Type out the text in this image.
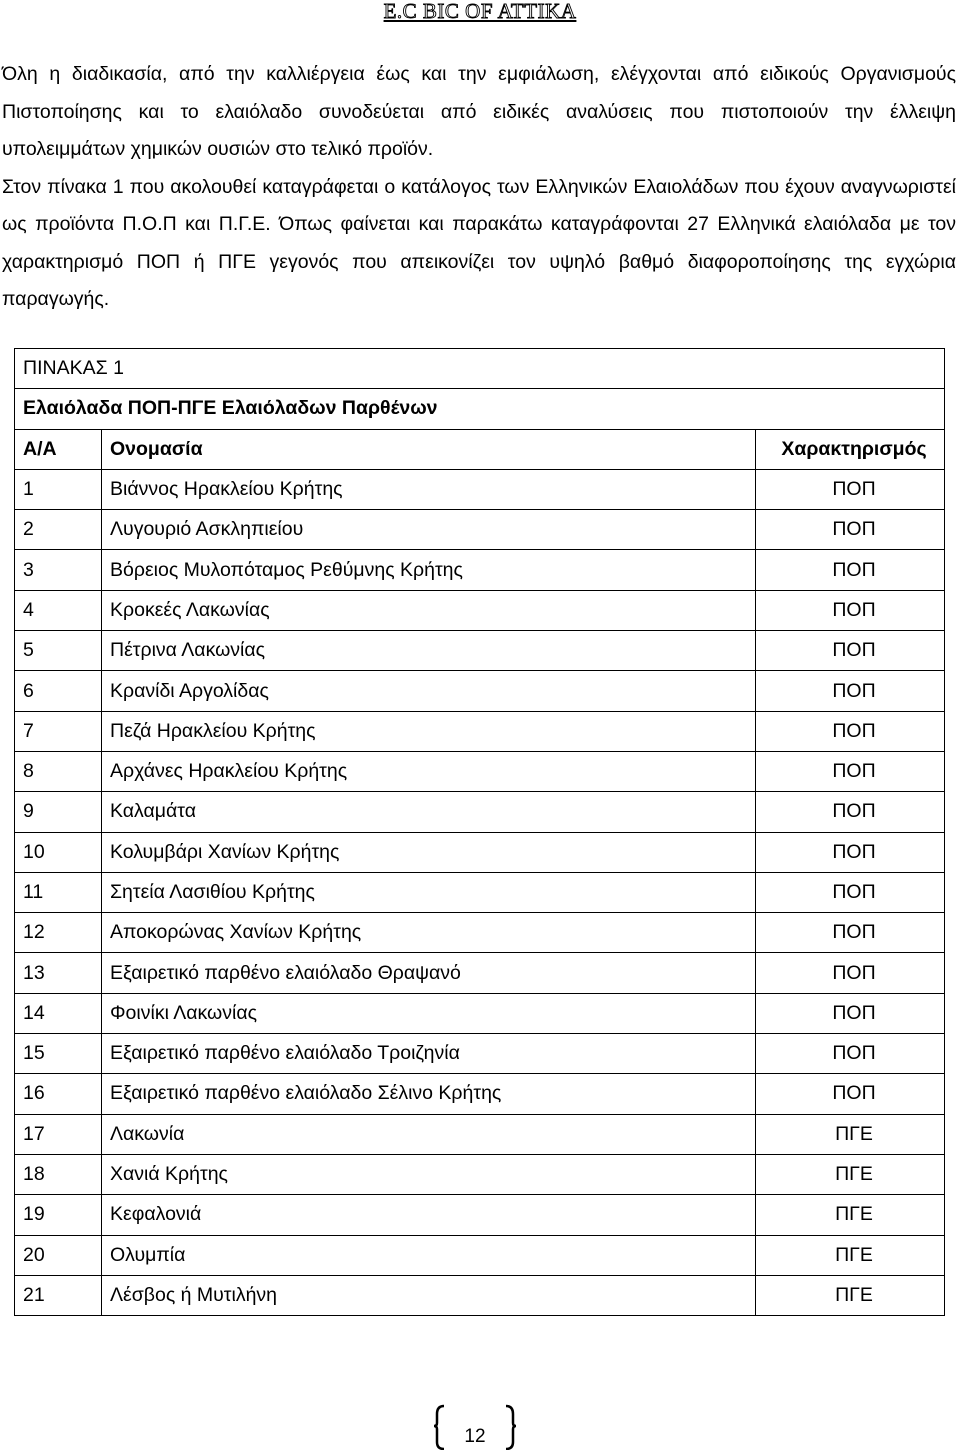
E.C BIC OF ATTIKA

Όλη η διαδικασία, από την καλλιέργεια έως και την εμφιάλωση, ελέγχονται από ειδικούς Οργανισμούς Πιστοποίησης και το ελαιόλαδο συνοδεύεται από ειδικές αναλύσεις που πιστοποιούν την έλλειψη υπολειμμάτων χημικών ουσιών στο τελικό προϊόν.

Στον πίνακα 1 που ακολουθεί καταγράφεται ο κατάλογος των Ελληνικών Ελαιολάδων που έχουν αναγνωριστεί ως προϊόντα Π.Ο.Π και Π.Γ.Ε. Όπως φαίνεται και παρακάτω καταγράφονται 27 Ελληνικά ελαιόλαδα με τον χαρακτηρισμό ΠΟΠ ή ΠΓΕ γεγονός που απεικονίζει τον υψηλό βαθμό διαφοροποίησης της εγχώρια παραγωγής.

ΠΙΝΑΚΑΣ 1		
Ελαιόλαδα ΠΟΠ-ΠΓΕ Ελαιόλαδων Παρθένων		
Α/Α	Ονομασία	Χαρακτηρισμός
1	Βιάννος Ηρακλείου Κρήτης	ΠΟΠ
2	Λυγουριό Ασκληπιείου	ΠΟΠ
3	Βόρειος Μυλοπόταμος Ρεθύμνης Κρήτης	ΠΟΠ
4	Κροκεές Λακωνίας	ΠΟΠ
5	Πέτρινα Λακωνίας	ΠΟΠ
6	Κρανίδι Αργολίδας	ΠΟΠ
7	Πεζά Ηρακλείου Κρήτης	ΠΟΠ
8	Αρχάνες Ηρακλείου Κρήτης	ΠΟΠ
9	Καλαμάτα	ΠΟΠ
10	Κολυμβάρι Χανίων Κρήτης	ΠΟΠ
11	Σητεία Λασιθίου Κρήτης	ΠΟΠ
12	Αποκορώνας Χανίων Κρήτης	ΠΟΠ
13	Εξαιρετικό παρθένο ελαιόλαδο Θραψανό	ΠΟΠ
14	Φοινίκι Λακωνίας	ΠΟΠ
15	Εξαιρετικό παρθένο ελαιόλαδο Τροιζηνία	ΠΟΠ
16	Εξαιρετικό παρθένο ελαιόλαδο Σέλινο Κρήτης	ΠΟΠ
17	Λακωνία	ΠΓΕ
18	Χανιά Κρήτης	ΠΓΕ
19	Κεφαλονιά	ΠΓΕ
20	Ολυμπία	ΠΓΕ
21	Λέσβος ή Μυτιλήνη	ΠΓΕ
12
